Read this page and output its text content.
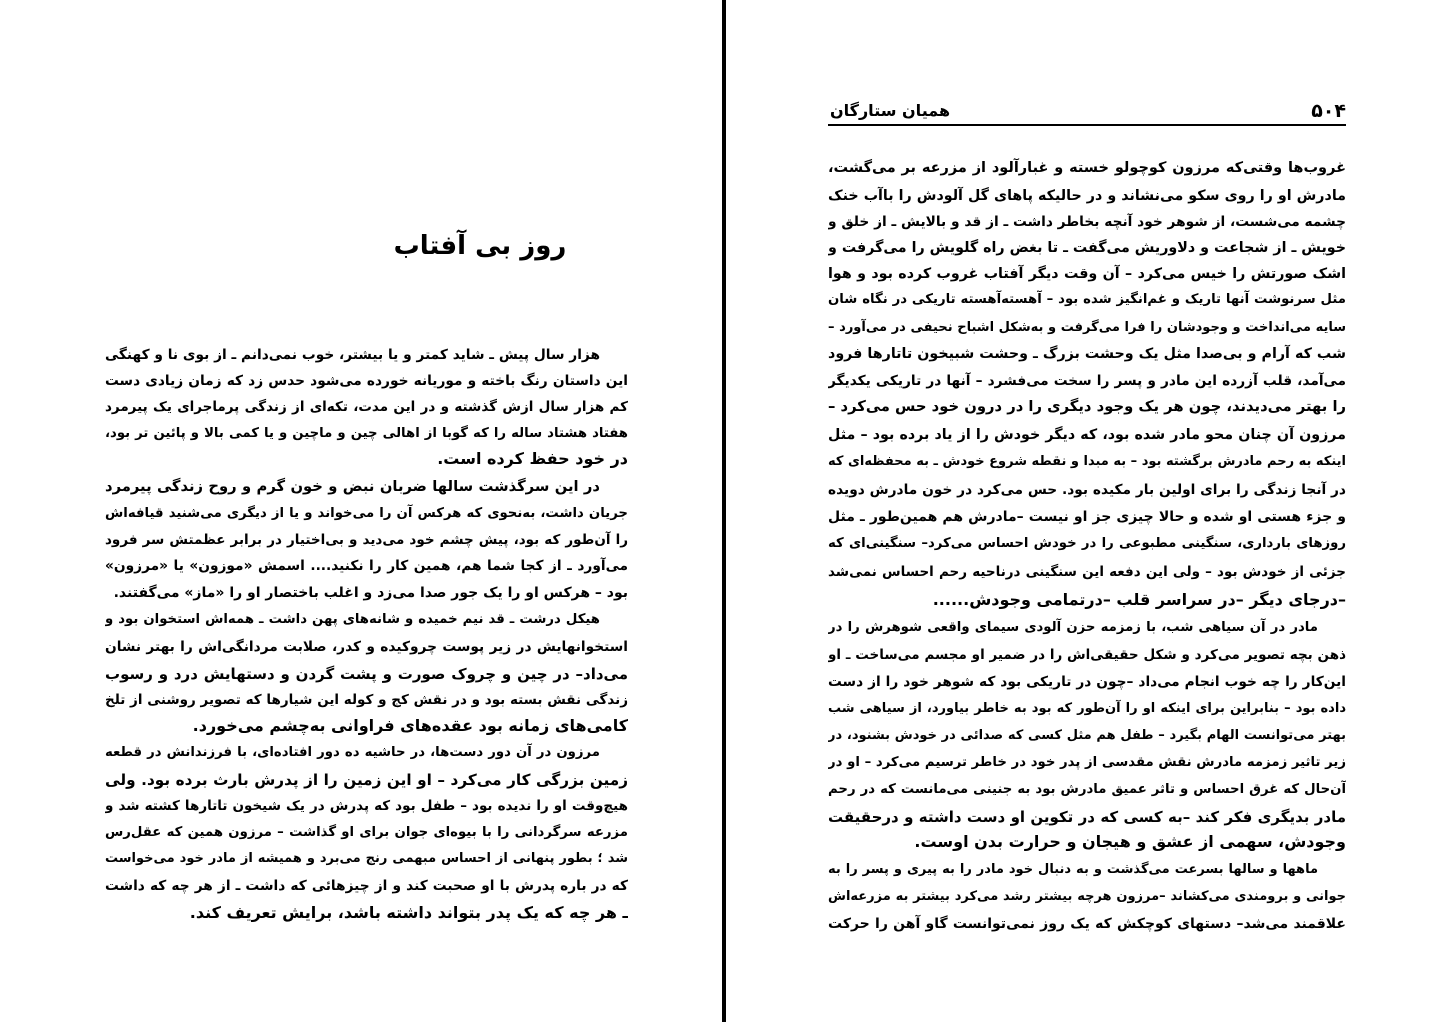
۵۰۴
همیان ستارگان
غروب‌ها وقتی‌که مرزون کوچولو خسته و غبارآلود از مزرعه بر می‌گشت،
مادرش او را روی سکو می‌نشاند و در حالیکه پاهای گل آلودش را باآب خنک
چشمه می‌شست، از شوهر خود آنچه بخاطر داشت ـ از قد و بالایش ـ از خلق و
خویش ـ از شجاعت و دلاوریش می‌گفت ـ تا بغض راه گلویش را می‌گرفت و
اشک صورتش را خیس می‌کرد – آن وقت دیگر آفتاب غروب کرده بود و هوا
مثل سرنوشت آنها تاریک و غم‌انگیز شده بود – آهسته‌آهسته تاریکی در نگاه شان
سایه می‌انداخت و وجودشان را فرا می‌گرفت و به‌شکل اشباح نحیفی در می‌آورد –
شب که آرام و بی‌صدا مثل یک وحشت بزرگ ـ وحشت شبیخون تاتارها فرود
می‌آمد، قلب آزرده این مادر و پسر را سخت می‌فشرد – آنها در تاریکی یکدیگر
را بهتر می‌دیدند، چون هر یک وجود دیگری را در درون خود حس می‌کرد –
مرزون آن چنان محو مادر شده بود، که دیگر خودش را از یاد برده بود – مثل
اینکه به رحم مادرش برگشته بود – به مبدا و نقطه شروع خودش ـ به محفظه‌ای که
در آنجا زندگی را برای اولین بار مکیده بود. حس می‌کرد در خون مادرش دویده
و جزء هستی او شده و حالا چیزی جز او نیست –مادرش هم همین‌طور ـ مثل
روزهای بارداری، سنگینی مطبوعی را در خودش احساس می‌کرد– سنگینی‌ای که
جزئی از خودش بود – ولی این دفعه این سنگینی درناحیه رحم احساس نمی‌شد
–درجای دیگر –در سراسر قلب –درتمامی وجودش......
مادر در آن سیاهی شب، با زمزمه حزن آلودی سیمای واقعی شوهرش را در
ذهن بچه تصویر می‌کرد و شکل حقیقی‌اش را در ضمیر او مجسم می‌ساخت ـ او
این‌کار را چه خوب انجام می‌داد –چون در تاریکی بود که شوهر خود را از دست
داده بود – بنابراین برای اینکه او را آن‌طور که بود به خاطر بیاورد، از سیاهی شب
بهتر می‌توانست الهام بگیرد – طفل هم مثل کسی که صدائی در خودش بشنود، در
زیر تاثیر زمزمه مادرش نقش مقدسی از پدر خود در خاطر ترسیم می‌کرد – او در
آن‌حال که غرق احساس و تاثر عمیق مادرش بود به جنینی می‌مانست که در رحم
مادر بدیگری فکر کند –به کسی که در تکوین او دست داشته و درحقیقت
وجودش، سهمی از عشق و هیجان و حرارت بدن اوست.
ماهها و سالها بسرعت می‌گذشت و به دنبال خود مادر را به پیری و پسر را به
جوانی و برومندی می‌کشاند –مرزون هرچه بیشتر رشد می‌کرد بیشتر به مزرعه‌اش
علاقمند می‌شد– دستهای کوچکش که یک روز نمی‌توانست گاو آهن را حرکت
روز بی آفتاب
هزار سال پیش ـ شاید کمتر و یا بیشتر، خوب نمی‌دانم ـ از بوی نا و کهنگی
این داستان رنگ باخته و موریانه خورده می‌شود حدس زد که زمان زیادی دست
کم هزار سال ازش گذشته و در این مدت، تکه‌ای از زندگی پرماجرای یک پیرمرد
هفتاد هشتاد ساله را که گوبا از اهالی چین و ماچین و یا کمی بالا و پائین تر بود،
در خود حفظ کرده است.
در این سرگذشت سالها ضربان نبض و خون گرم و روح زندگی پیرمرد
جریان داشت، به‌نحوی که هرکس آن را می‌خواند و یا از دیگری می‌شنید قیافه‌اش
را آن‌طور که بود، پیش چشم خود می‌دید و بی‌اختیار در برابر عظمتش سر فرود
می‌آورد ـ از کجا شما هم، همین کار را نکنید.... اسمش «موزون» یا «مرزون»
بود – هرکس او را یک جور صدا می‌زد و اغلب باختصار او را «ماز» می‌گفتند.
هیکل درشت ـ قد نیم خمیده و شانه‌های پهن داشت ـ همه‌اش استخوان بود و
استخوانهایش در زیر پوست چروکیده و کدر، صلابت مردانگی‌اش را بهتر نشان
می‌داد– در چین و چروک صورت و پشت گردن و دستهایش درد و رسوب
زندگی نقش بسته بود و در نقش کج و کوله این شیارها که تصویر روشنی از تلخ
کامی‌های زمانه بود عقده‌های فراوانی به‌چشم می‌خورد.
مرزون در آن دور دست‌ها، در حاشیه ده دور افتاده‌ای، با فرزندانش در قطعه
زمین بزرگی کار می‌کرد – او این زمین را از پدرش بارث برده بود. ولی
هیچ‌وقت او را ندیده بود – طفل بود که پدرش در یک شیخون تاتارها کشته شد و
مزرعه سرگردانی را با بیوه‌ای جوان برای او گذاشت – مرزون همین که عقل‌رس
شد ؛ بطور پنهانی از احساس مبهمی رنج می‌برد و همیشه از مادر خود می‌خواست
که در باره پدرش با او صحبت کند و از چیزهائی که داشت ـ از هر چه که داشت
ـ هر چه که یک پدر بتواند داشته باشد، برایش تعریف کند.
